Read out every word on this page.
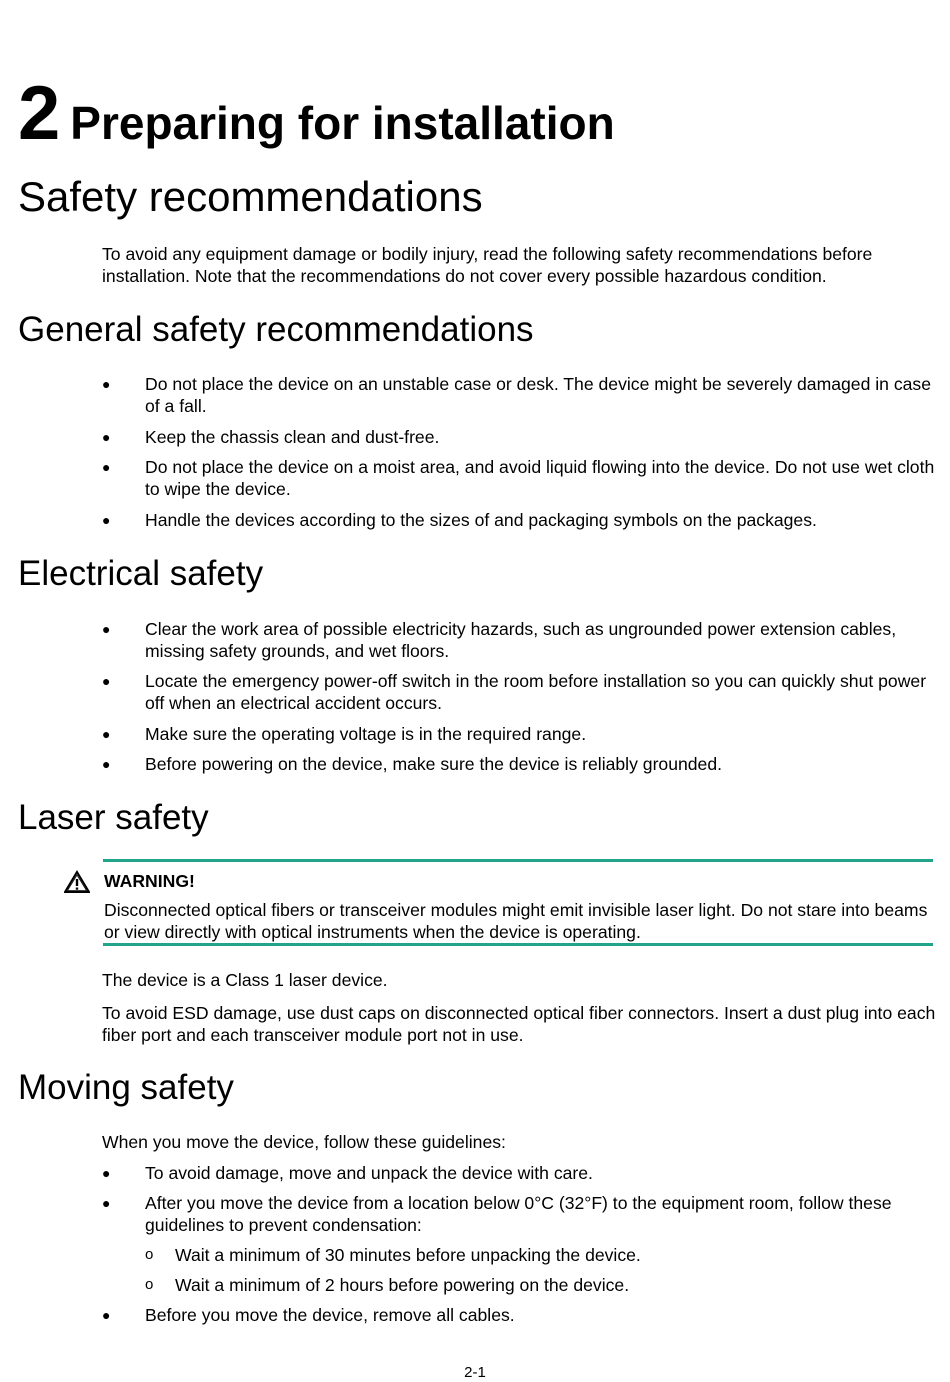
2 Preparing for installation
Safety recommendations

To avoid any equipment damage or bodily injury, read the following safety recommendations before installation. Note that the recommendations do not cover every possible hazardous condition.

General safety recommendations
● Do not place the device on an unstable case or desk. The device might be severely damaged in case of a fall.
● Keep the chassis clean and dust-free.
● Do not place the device on a moist area, and avoid liquid flowing into the device. Do not use wet cloth to wipe the device.
● Handle the devices according to the sizes of and packaging symbols on the packages.
Electrical safety
● Clear the work area of possible electricity hazards, such as ungrounded power extension cables, missing safety grounds, and wet floors.
● Locate the emergency power-off switch in the room before installation so you can quickly shut power off when an electrical accident occurs.
● Make sure the operating voltage is in the required range.
● Before powering on the device, make sure the device is reliably grounded.
Laser safety
WARNING!
Disconnected optical fibers or transceiver modules might emit invisible laser light. Do not stare into beams or view directly with optical instruments when the device is operating.

The device is a Class 1 laser device.

To avoid ESD damage, use dust caps on disconnected optical fiber connectors. Insert a dust plug into each fiber port and each transceiver module port not in use.

Moving safety

When you move the device, follow these guidelines:

● To avoid damage, move and unpack the device with care.
● After you move the device from a location below 0°C (32°F) to the equipment room, follow these guidelines to prevent condensation:
o Wait a minimum of 30 minutes before unpacking the device.
o Wait a minimum of 2 hours before powering on the device.
● Before you move the device, remove all cables.
2-1
